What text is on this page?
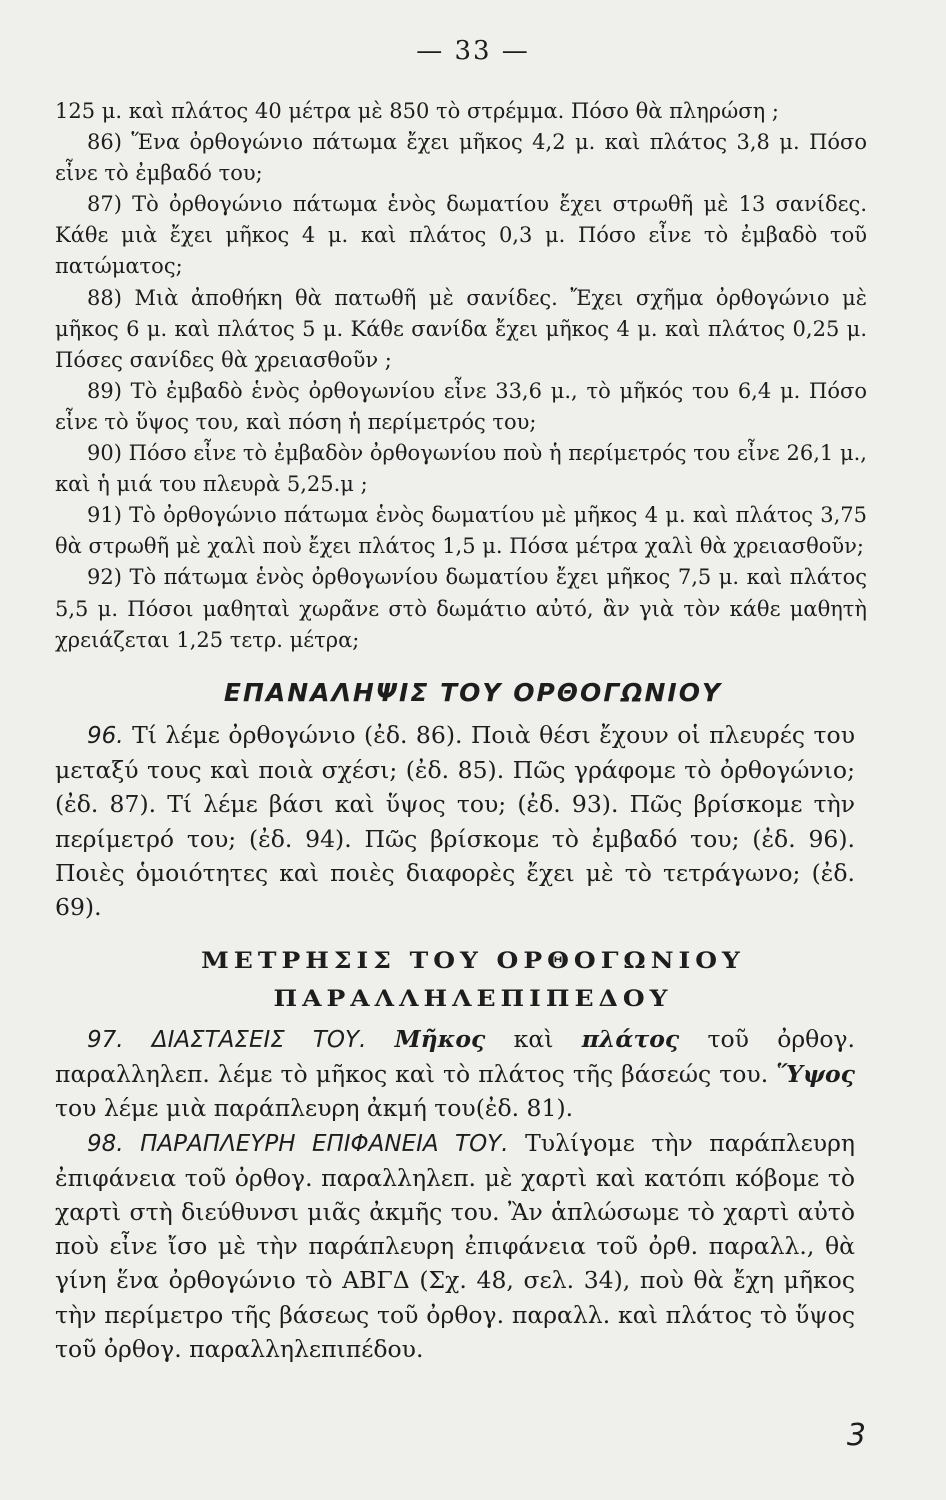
— 33 —

125 μ. καὶ πλάτος 40 μέτρα μὲ 850 τὸ στρέμμα. Πόσο θὰ πληρώση ;

86) Ἕνα ὀρθογώνιο πάτωμα ἔχει μῆκος 4,2 μ. καὶ πλάτος 3,8 μ. Πόσο εἶνε τὸ ἐμβαδό του;

87) Τὸ ὀρθογώνιο πάτωμα ἑνὸς δωματίου ἔχει στρωθῆ μὲ 13 σανίδες. Κάθε μιὰ ἔχει μῆκος 4 μ. καὶ πλάτος 0,3 μ. Πόσο εἶνε τὸ ἐμβαδὸ τοῦ πατώματος;

88) Μιὰ ἀποθήκη θὰ πατωθῆ μὲ σανίδες. Ἔχει σχῆμα ὀρθογώνιο μὲ μῆκος 6 μ. καὶ πλάτος 5 μ. Κάθε σανίδα ἔχει μῆκος 4 μ. καὶ πλάτος 0,25 μ. Πόσες σανίδες θὰ χρειασθοῦν ;

89) Τὸ ἐμβαδὸ ἑνὸς ὀρθογωνίου εἶνε 33,6 μ., τὸ μῆκός του 6,4 μ. Πόσο εἶνε τὸ ὕψος του, καὶ πόση ἡ περίμετρός του;

90) Πόσο εἶνε τὸ ἐμβαδὸν ὀρθογωνίου ποὺ ἡ περίμετρός του εἶνε 26,1 μ., καὶ ἡ μιά του πλευρὰ 5,25.μ ;

91) Τὸ ὀρθογώνιο πάτωμα ἑνὸς δωματίου μὲ μῆκος 4 μ. καὶ πλάτος 3,75 θὰ στρωθῆ μὲ χαλὶ ποὺ ἔχει πλάτος 1,5 μ. Πόσα μέτρα χαλὶ θὰ χρειασθοῦν;

92) Τὸ πάτωμα ἑνὸς ὀρθογωνίου δωματίου ἔχει μῆκος 7,5 μ. καὶ πλάτος 5,5 μ. Πόσοι μαθηταὶ χωρᾶνε στὸ δωμάτιο αὐτό, ἂν γιὰ τὸν κάθε μαθητὴ χρειάζεται 1,25 τετρ. μέτρα;

ΕΠΑΝΑΛΗΨΙΣ ΤΟΥ ΟΡΘΟΓΩΝΙΟΥ

96. Τί λέμε ὀρθογώνιο (ἐδ. 86). Ποιὰ θέσι ἔχουν οἱ πλευρές του μεταξύ τους καὶ ποιὰ σχέσι; (ἐδ. 85). Πῶς γράφομε τὸ ὀρθογώνιο; (ἐδ. 87). Τί λέμε βάσι καὶ ὕψος του; (ἐδ. 93). Πῶς βρίσκομε τὴν περίμετρό του; (ἐδ. 94). Πῶς βρίσκομε τὸ ἐμβαδό του; (ἐδ. 96). Ποιὲς ὁμοιότητες καὶ ποιὲς διαφορὲς ἔχει μὲ τὸ τετράγωνο; (ἐδ. 69).

ΜΕΤΡΗΣΙΣ ΤΟΥ ΟΡΘΟΓΩΝΙΟΥ
ΠΑΡΑΛΛΗΛΕΠΙΠΕΔΟΥ

97. ΔΙΑΣΤΑΣΕΙΣ ΤΟΥ. Μῆκος καὶ πλάτος τοῦ ὀρθογ. παραλληλεπ. λέμε τὸ μῆκος καὶ τὸ πλάτος τῆς βάσεώς του. Ὕψος του λέμε μιὰ παράπλευρη ἀκμή του(ἐδ. 81).

98. ΠΑΡΑΠΛΕΥΡΗ ΕΠΙΦΑΝΕΙΑ ΤΟΥ. Τυλίγομε τὴν παράπλευρη ἐπιφάνεια τοῦ ὀρθογ. παραλληλεπ. μὲ χαρτὶ καὶ κατόπι κόβομε τὸ χαρτὶ στὴ διεύθυνσι μιᾶς ἀκμῆς του. Ἂν ἁπλώσωμε τὸ χαρτὶ αὐτὸ ποὺ εἶνε ἴσο μὲ τὴν παράπλευρη ἐπιφάνεια τοῦ ὀρθ. παραλλ., θὰ γίνη ἕνα ὀρθογώνιο τὸ ΑΒΓΔ (Σχ. 48, σελ. 34), ποὺ θὰ ἔχη μῆκος τὴν περίμετρο τῆς βάσεως τοῦ ὀρθογ. παραλλ. καὶ πλάτος τὸ ὕψος τοῦ ὀρθογ. παραλληλεπιπέδου.

3
